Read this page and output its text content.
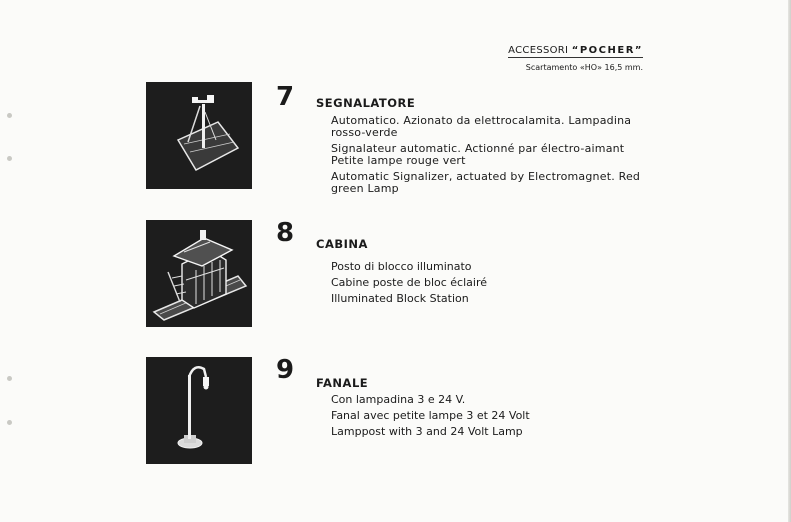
ACCESSORI “POCHER”
Scartamento «HO» 16,5 mm.
7 SEGNALATORE

Automatico. Azionato da elettrocalamita. Lampadina rosso-verde

Signalateur automatic. Actionné par électro-aimant Petite lampe rouge vert

Automatic Signalizer, actuated by Electromagnet. Red green Lamp

8 CABINA

Posto di blocco illuminato

Cabine poste de bloc éclairé

Illuminated Block Station

9 FANALE

Con lampadina 3 e 24 V.

Fanal avec petite lampe 3 et 24 Volt

Lamppost with 3 and 24 Volt Lamp
